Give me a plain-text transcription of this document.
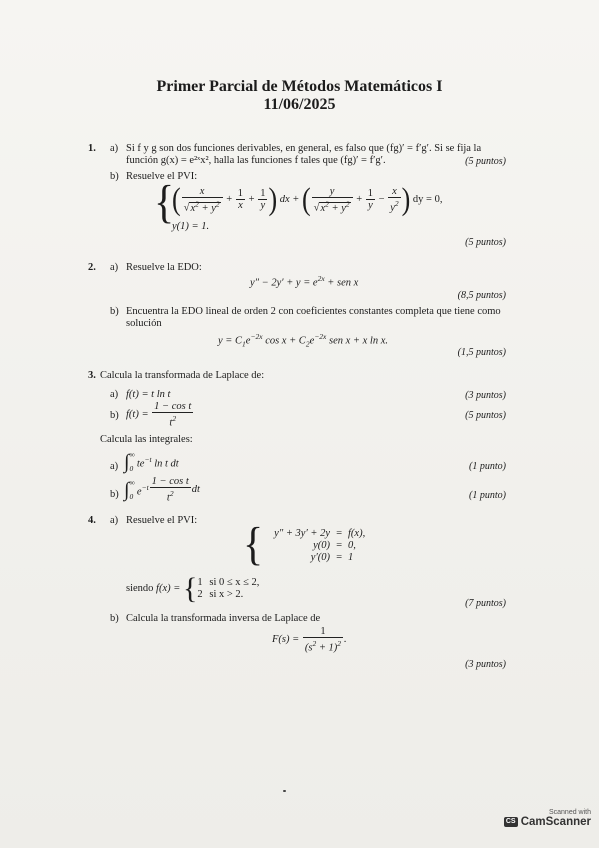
Primer Parcial de Métodos Matemáticos I
11/06/2025
1. a) Si f y g son dos funciones derivables, en general, es falso que (fg)′ = f′g′. Si se fija la
función g(x) = e²ˣx², halla las funciones f tales que (fg)′ = f′g′.	(5 puntos)
b) Resuelve el PVI:
{
( $\frac{x}{√x^2 + y^2} + \frac{1}{x} + \frac{1}{y}$ ) dx + ( $\frac{y}{√x^2 + y^2} + \frac{1}{y} - \frac{x}{y^2}$ )
dy = 0,
y(1) = 1.
(5 puntos)
2. a) Resuelve la EDO:
$y'' - 2y' + y = e^{2x}$ + sen x
(8,5 puntos)
b) Encuentra la EDO lineal de orden 2 con coeficientes constantes completa que tiene como
solución
$y = C_1e^{-2x}$ $\cos x + C_2e^{-2x}$ sen x + x ln x.
(1,5 puntos)
3. Calcula la transformada de Laplace de:
a) f(t) = t ln t	(3 puntos)
b) $f(t) = \frac{\text{1 − cos t}}{t^2}$	(5 puntos)
Calcula las integrales:
a) ∫ ∞
0 $te^{-t}$ ln t dt	(1 punto)
b) ∫ ∞
0 $e^{-t} \frac{\text{1 − cos t}}{t^2}$ dt
(1 punto)
4. a) Resuelve el PVI: {	y″ + 3y′ + 2y = f(x),
y(0) = 0,
y′(0) = 1
siendo f(x) = { 1 si 0 ≤ x ≤ 2,
2 si x > 2.
(7 puntos)
b) Calcula la transformada inversa de Laplace de
$F(s) = \frac{1}{(s^2 + 1)^2}$ .
(3 puntos)
Scanned with
CS CamScanner
